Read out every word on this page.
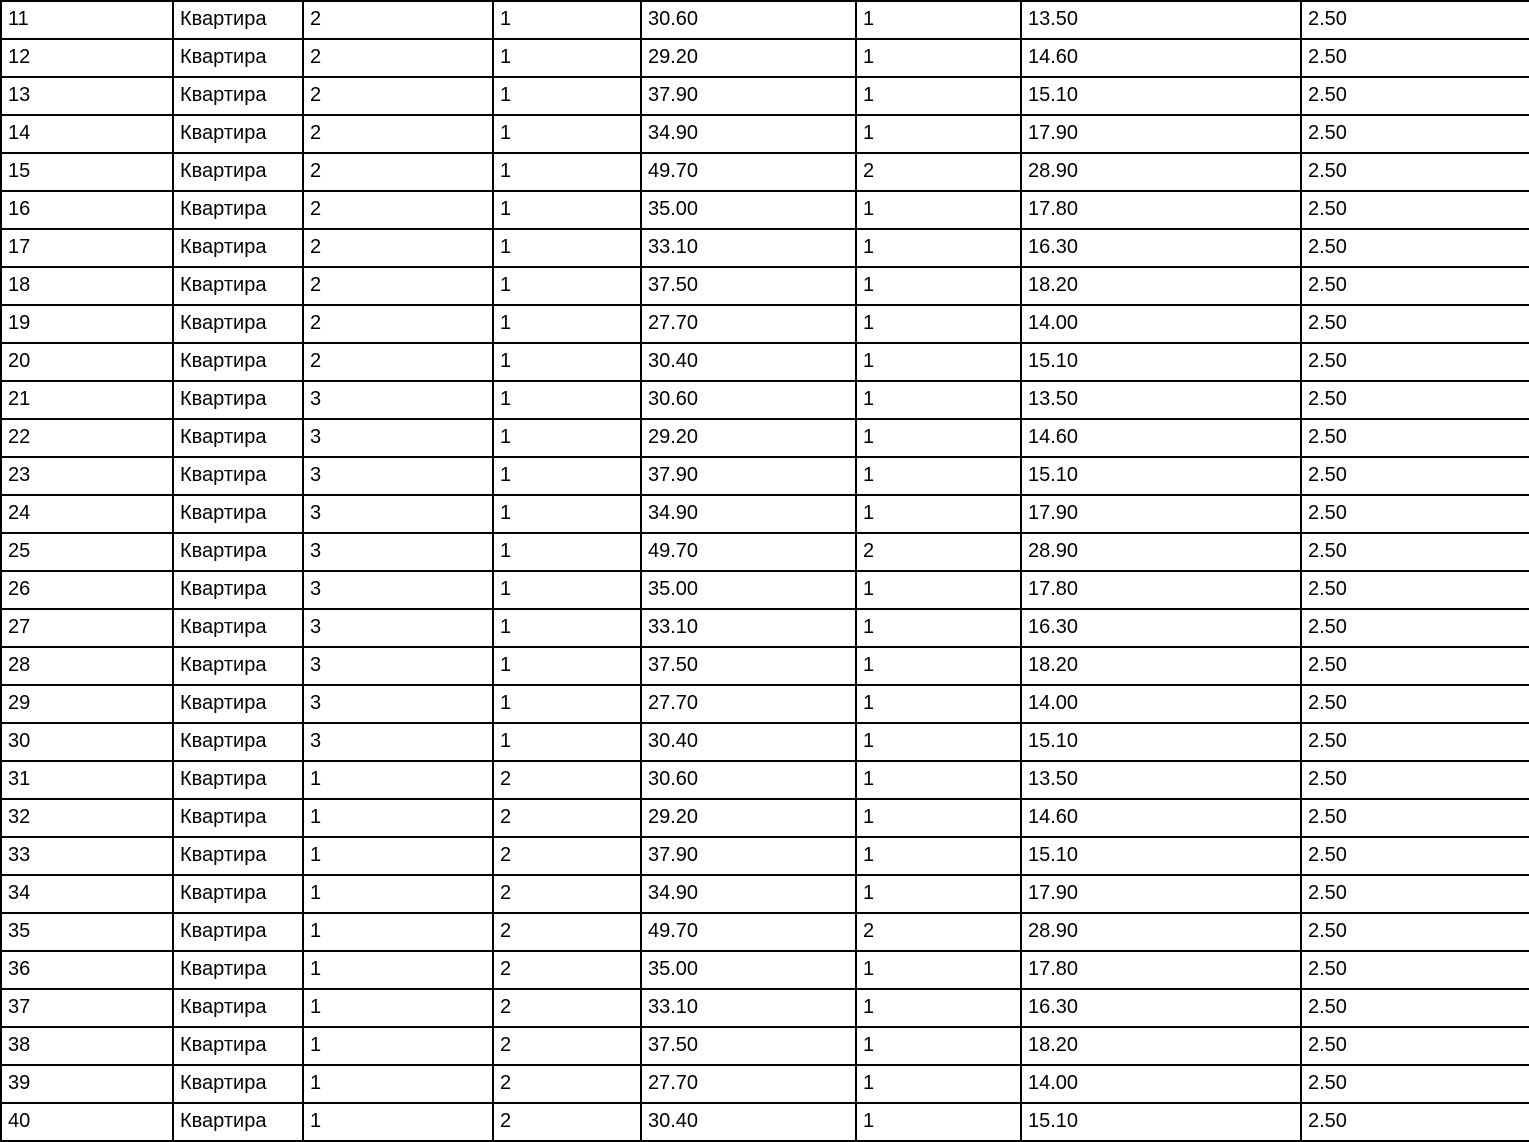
11	Квартира	2	1	30.60	1	13.50	2.50
12	Квартира	2	1	29.20	1	14.60	2.50
13	Квартира	2	1	37.90	1	15.10	2.50
14	Квартира	2	1	34.90	1	17.90	2.50
15	Квартира	2	1	49.70	2	28.90	2.50
16	Квартира	2	1	35.00	1	17.80	2.50
17	Квартира	2	1	33.10	1	16.30	2.50
18	Квартира	2	1	37.50	1	18.20	2.50
19	Квартира	2	1	27.70	1	14.00	2.50
20	Квартира	2	1	30.40	1	15.10	2.50
21	Квартира	3	1	30.60	1	13.50	2.50
22	Квартира	3	1	29.20	1	14.60	2.50
23	Квартира	3	1	37.90	1	15.10	2.50
24	Квартира	3	1	34.90	1	17.90	2.50
25	Квартира	3	1	49.70	2	28.90	2.50
26	Квартира	3	1	35.00	1	17.80	2.50
27	Квартира	3	1	33.10	1	16.30	2.50
28	Квартира	3	1	37.50	1	18.20	2.50
29	Квартира	3	1	27.70	1	14.00	2.50
30	Квартира	3	1	30.40	1	15.10	2.50
31	Квартира	1	2	30.60	1	13.50	2.50
32	Квартира	1	2	29.20	1	14.60	2.50
33	Квартира	1	2	37.90	1	15.10	2.50
34	Квартира	1	2	34.90	1	17.90	2.50
35	Квартира	1	2	49.70	2	28.90	2.50
36	Квартира	1	2	35.00	1	17.80	2.50
37	Квартира	1	2	33.10	1	16.30	2.50
38	Квартира	1	2	37.50	1	18.20	2.50
39	Квартира	1	2	27.70	1	14.00	2.50
40	Квартира	1	2	30.40	1	15.10	2.50
